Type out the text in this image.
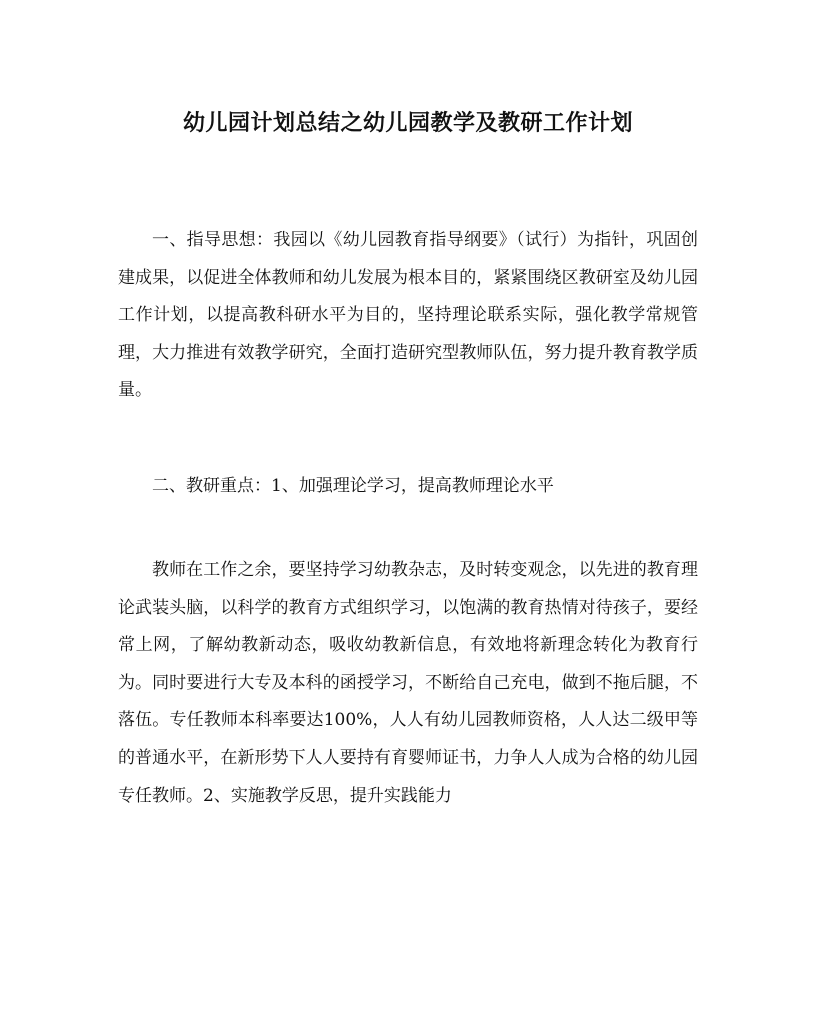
幼儿园计划总结之幼儿园教学及教研工作计划

一、指导思想：我园以《幼儿园教育指导纲要》（试行）为指针，巩固创建成果，以促进全体教师和幼儿发展为根本目的，紧紧围绕区教研室及幼儿园工作计划，以提高教科研水平为目的，坚持理论联系实际，强化教学常规管理，大力推进有效教学研究，全面打造研究型教师队伍，努力提升教育教学质量。

二、教研重点：1、加强理论学习，提高教师理论水平

教师在工作之余，要坚持学习幼教杂志，及时转变观念，以先进的教育理论武装头脑，以科学的教育方式组织学习，以饱满的教育热情对待孩子，要经常上网，了解幼教新动态，吸收幼教新信息，有效地将新理念转化为教育行为。同时要进行大专及本科的函授学习，不断给自己充电，做到不拖后腿，不落伍。专任教师本科率要达100%，人人有幼儿园教师资格，人人达二级甲等的普通水平，在新形势下人人要持有育婴师证书，力争人人成为合格的幼儿园专任教师。2、实施教学反思，提升实践能力
